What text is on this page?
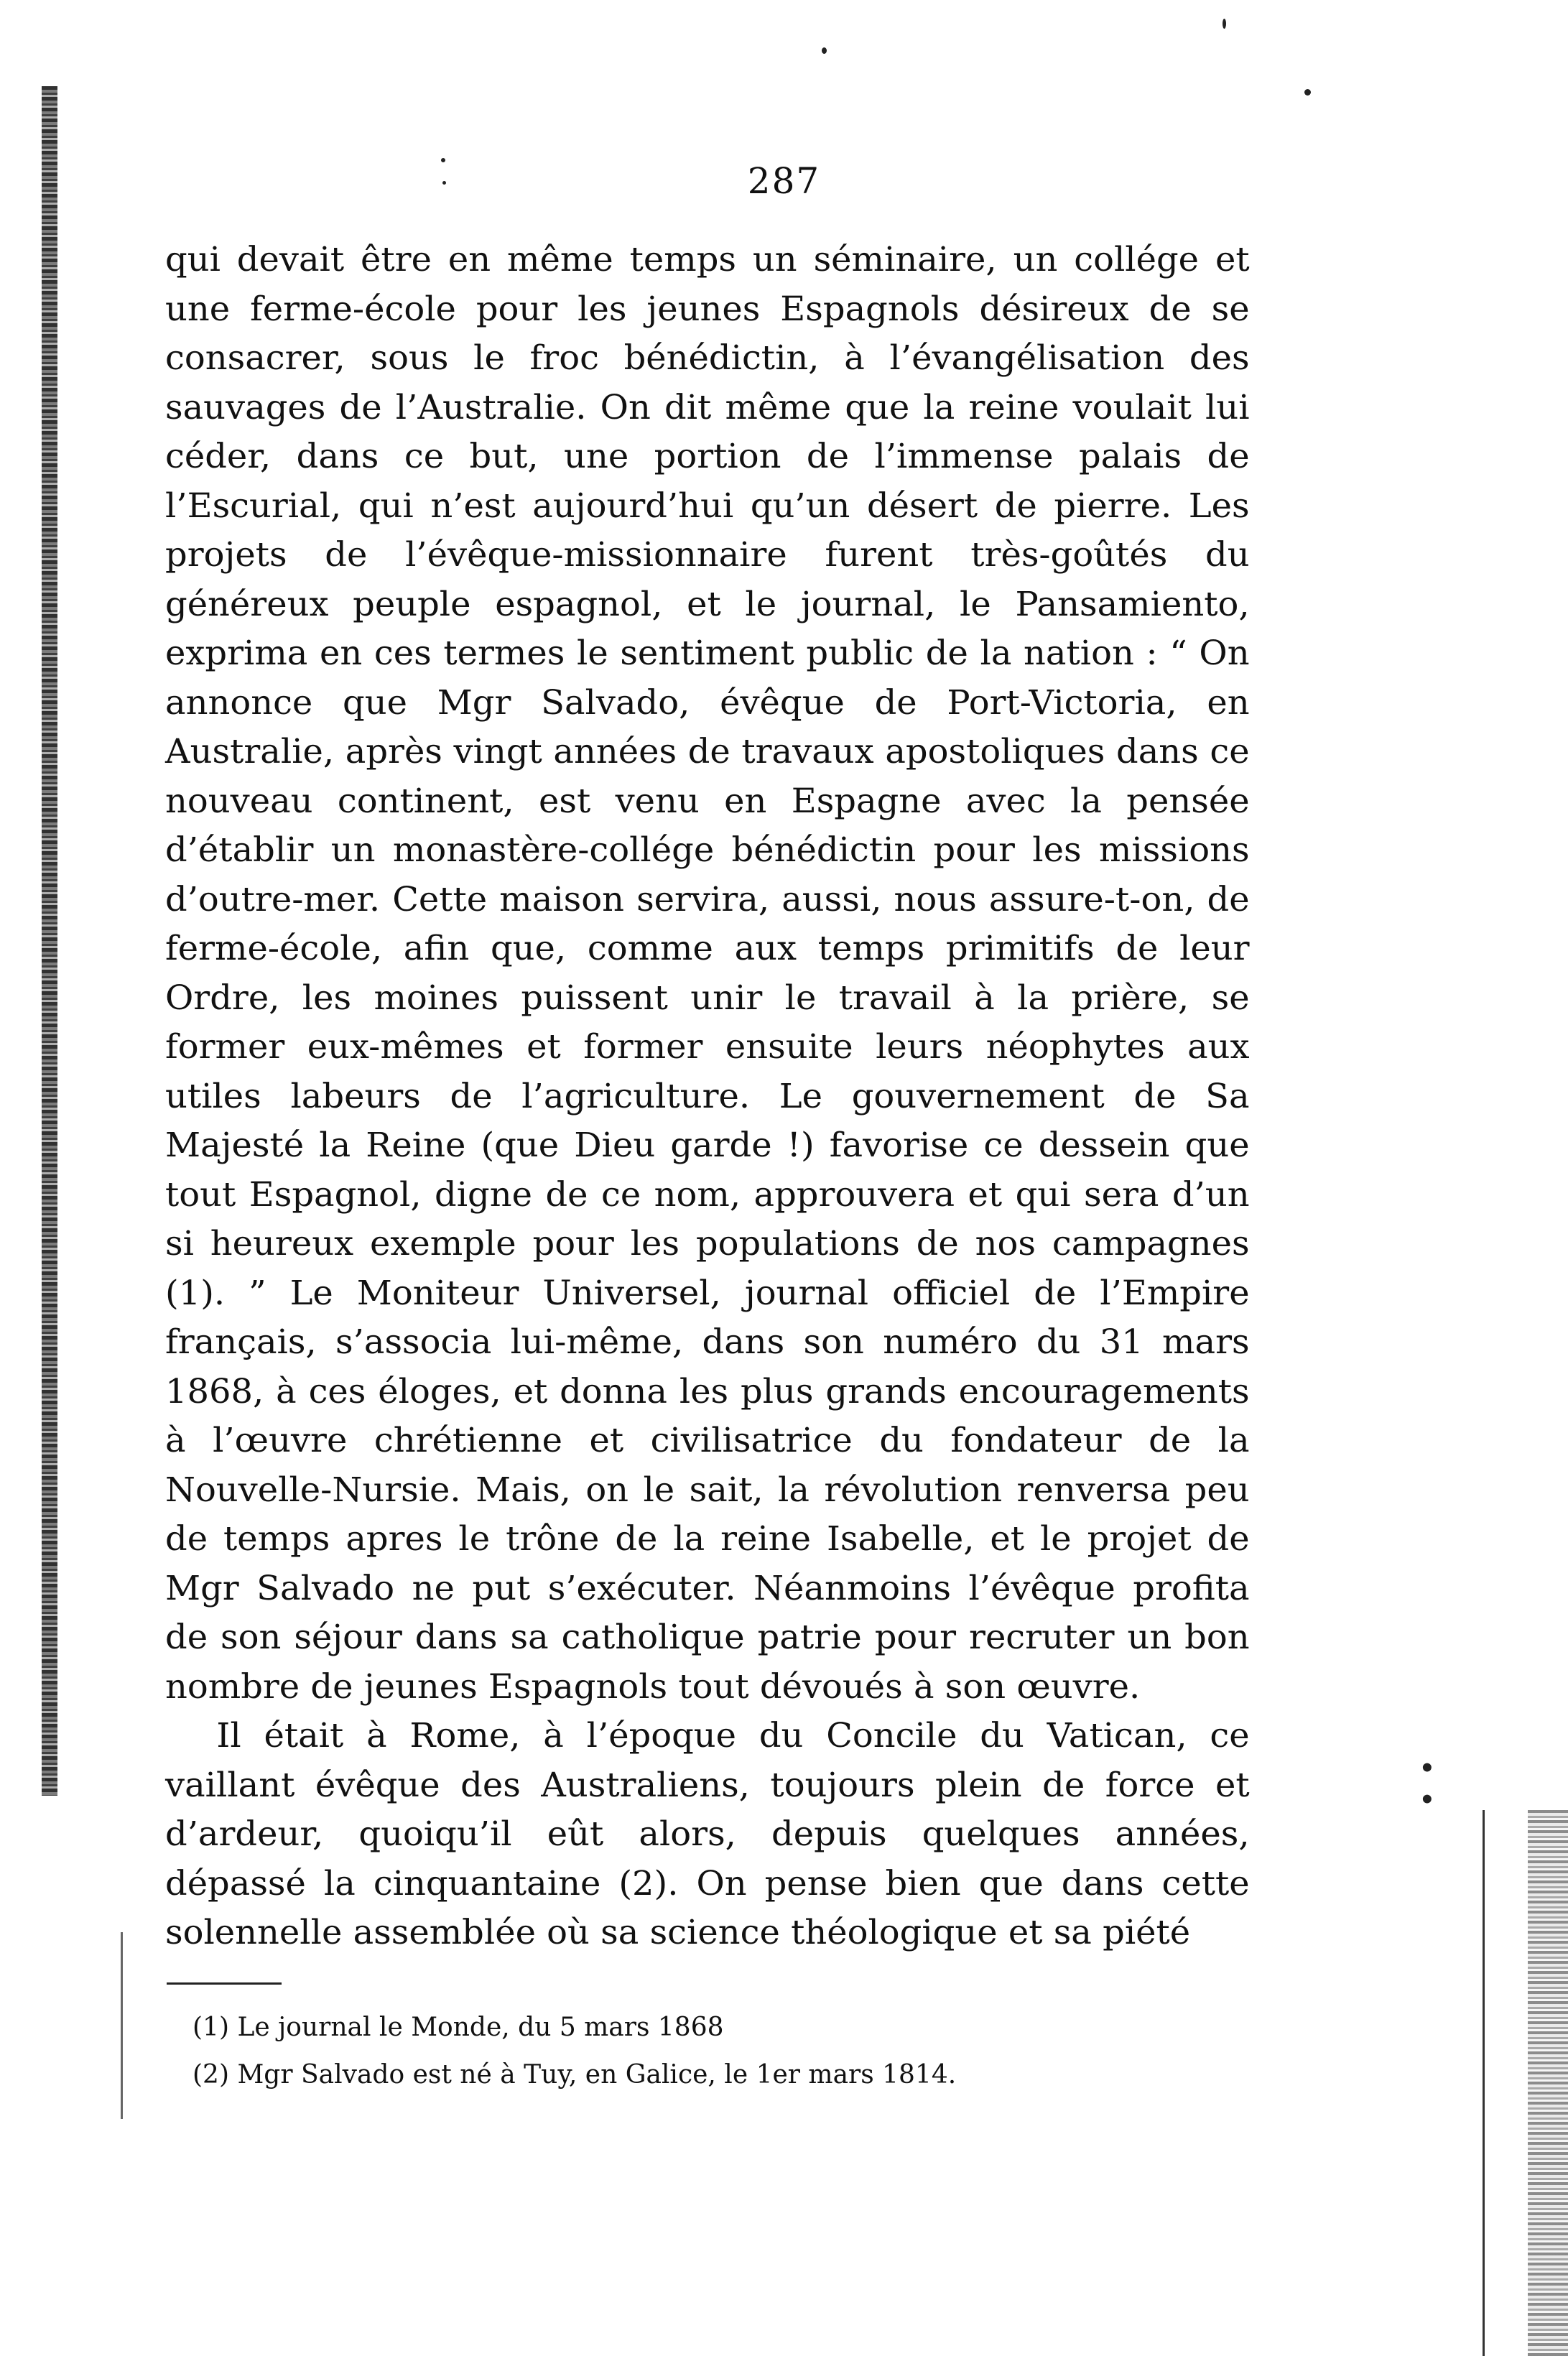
•
•
287

qui devait être en même temps un séminaire, un collége et une ferme-école pour les jeunes Espagnols désireux de se consacrer, sous le froc bénédictin, à l’évangélisation des sauvages de l’Australie. On dit même que la reine voulait lui céder, dans ce but, une portion de l’immense palais de l’Escurial, qui n’est aujourd’hui qu’un désert de pierre. Les projets de l’évêque-missionnaire furent très-goûtés du généreux peuple espagnol, et le journal, le Pansamiento, exprima en ces termes le sentiment public de la nation : “ On annonce que Mgr Salvado, évêque de Port-Victoria, en Australie, après vingt années de travaux apostoliques dans ce nouveau continent, est venu en Espagne avec la pensée d’établir un monastère-collége bénédictin pour les missions d’outre-mer. Cette maison servira, aussi, nous assure-t-on, de ferme-école, afin que, comme aux temps primitifs de leur Ordre, les moines puissent unir le travail à la prière, se former eux-mêmes et former ensuite leurs néophytes aux utiles labeurs de l’agriculture. Le gouvernement de Sa Majesté la Reine (que Dieu garde !) favorise ce dessein que tout Espagnol, digne de ce nom, approuvera et qui sera d’un si heureux exemple pour les populations de nos campagnes (1). ” Le Moniteur Universel, journal officiel de l’Empire français, s’associa lui-même, dans son numéro du 31 mars 1868, à ces éloges, et donna les plus grands encouragements à l’œuvre chrétienne et civilisatrice du fondateur de la Nouvelle-Nursie. Mais, on le sait, la révolution renversa peu de temps apres le trône de la reine Isabelle, et le projet de Mgr Salvado ne put s’exécuter. Néanmoins l’évêque profita de son séjour dans sa catholique patrie pour recruter un bon nombre de jeunes Espagnols tout dévoués à son œuvre.

Il était à Rome, à l’époque du Concile du Vatican, ce vaillant évêque des Australiens, toujours plein de force et d’ardeur, quoiqu’il eût alors, depuis quelques années, dépassé la cinquantaine (2). On pense bien que dans cette solennelle assemblée où sa science théologique et sa piété

(1) Le journal le Monde, du 5 mars 1868

(2) Mgr Salvado est né à Tuy, en Galice, le 1er mars 1814.
